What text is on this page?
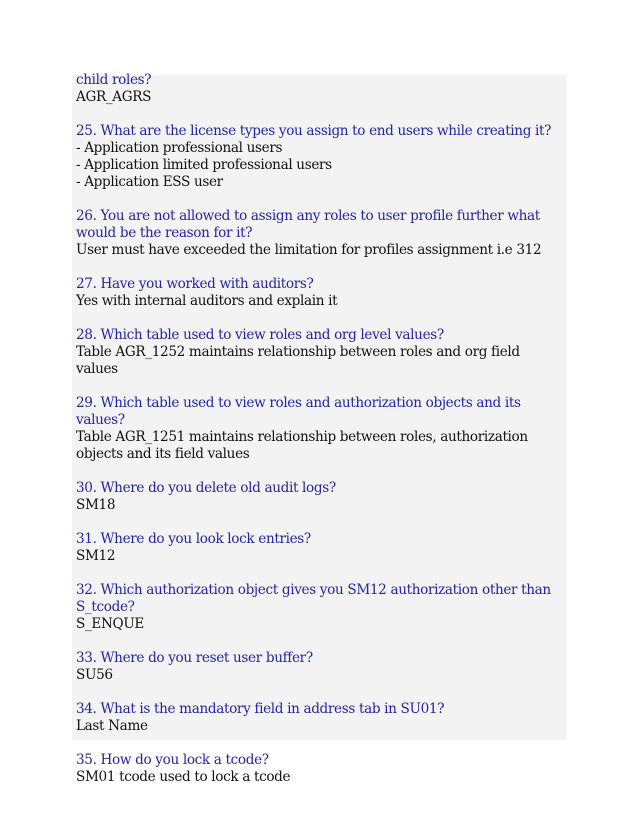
child roles?
AGR_AGRS
25. What are the license types you assign to end users while creating it?
- Application professional users
- Application limited professional users
- Application ESS user
26. You are not allowed to assign any roles to user profile further what
would be the reason for it?
User must have exceeded the limitation for profiles assignment i.e 312
27. Have you worked with auditors?
Yes with internal auditors and explain it
28. Which table used to view roles and org level values?
Table AGR_1252 maintains relationship between roles and org field values
29. Which table used to view roles and authorization objects and its values?
Table AGR_1251 maintains relationship between roles, authorization
objects and its field values
30. Where do you delete old audit logs?
SM18
31. Where do you look lock entries?
SM12
32. Which authorization object gives you SM12 authorization other than
S_tcode?
S_ENQUE
33. Where do you reset user buffer?
SU56
34. What is the mandatory field in address tab in SU01?
Last Name
35. How do you lock a tcode?
SM01 tcode used to lock a tcode
